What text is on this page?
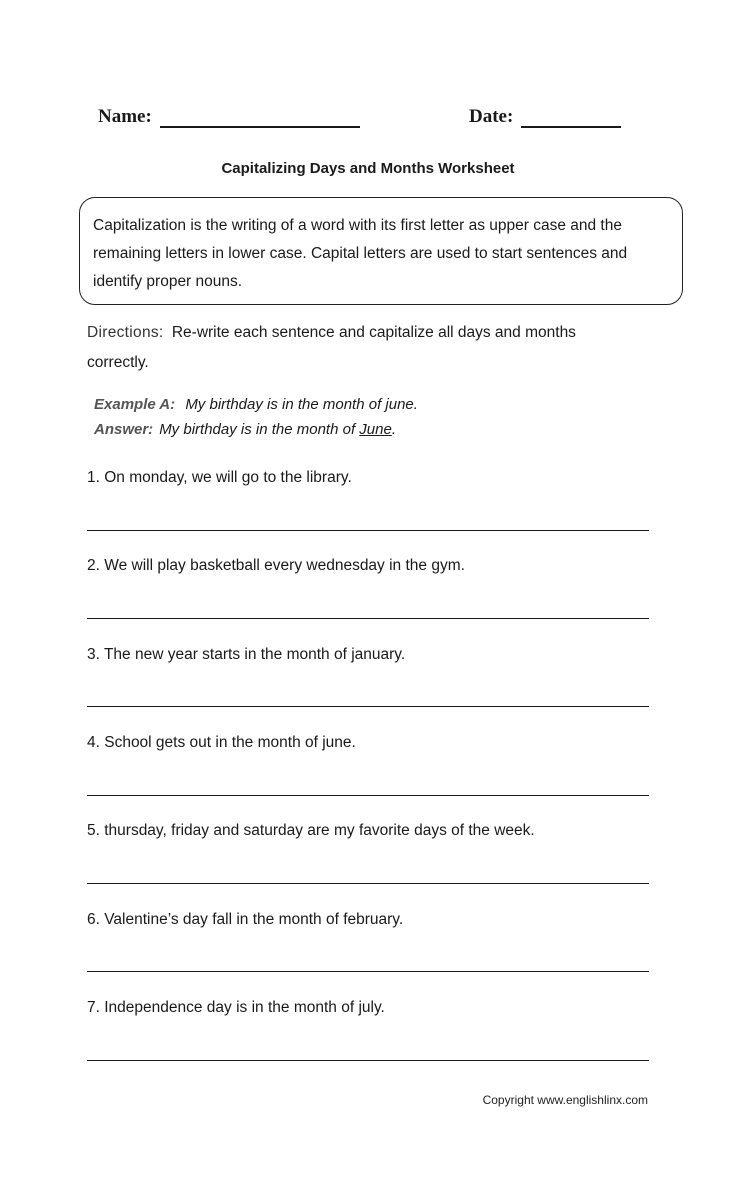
Name:	Date:
Capitalizing Days and Months Worksheet
Capitalization is the writing of a word with its first letter as upper case and the
remaining letters in lower case. Capital letters are used to start sentences and
identify proper nouns.
Directions: Re-write each sentence and capitalize all days and months
correctly.
Example A: My birthday is in the month of june.
Answer: My birthday is in the month of June.
1. On monday, we will go to the library.
2. We will play basketball every wednesday in the gym.
3. The new year starts in the month of january.
4. School gets out in the month of june.
5. thursday, friday and saturday are my favorite days of the week.
6. Valentine’s day fall in the month of february.
7. Independence day is in the month of july.
Copyright www.englishlinx.com
